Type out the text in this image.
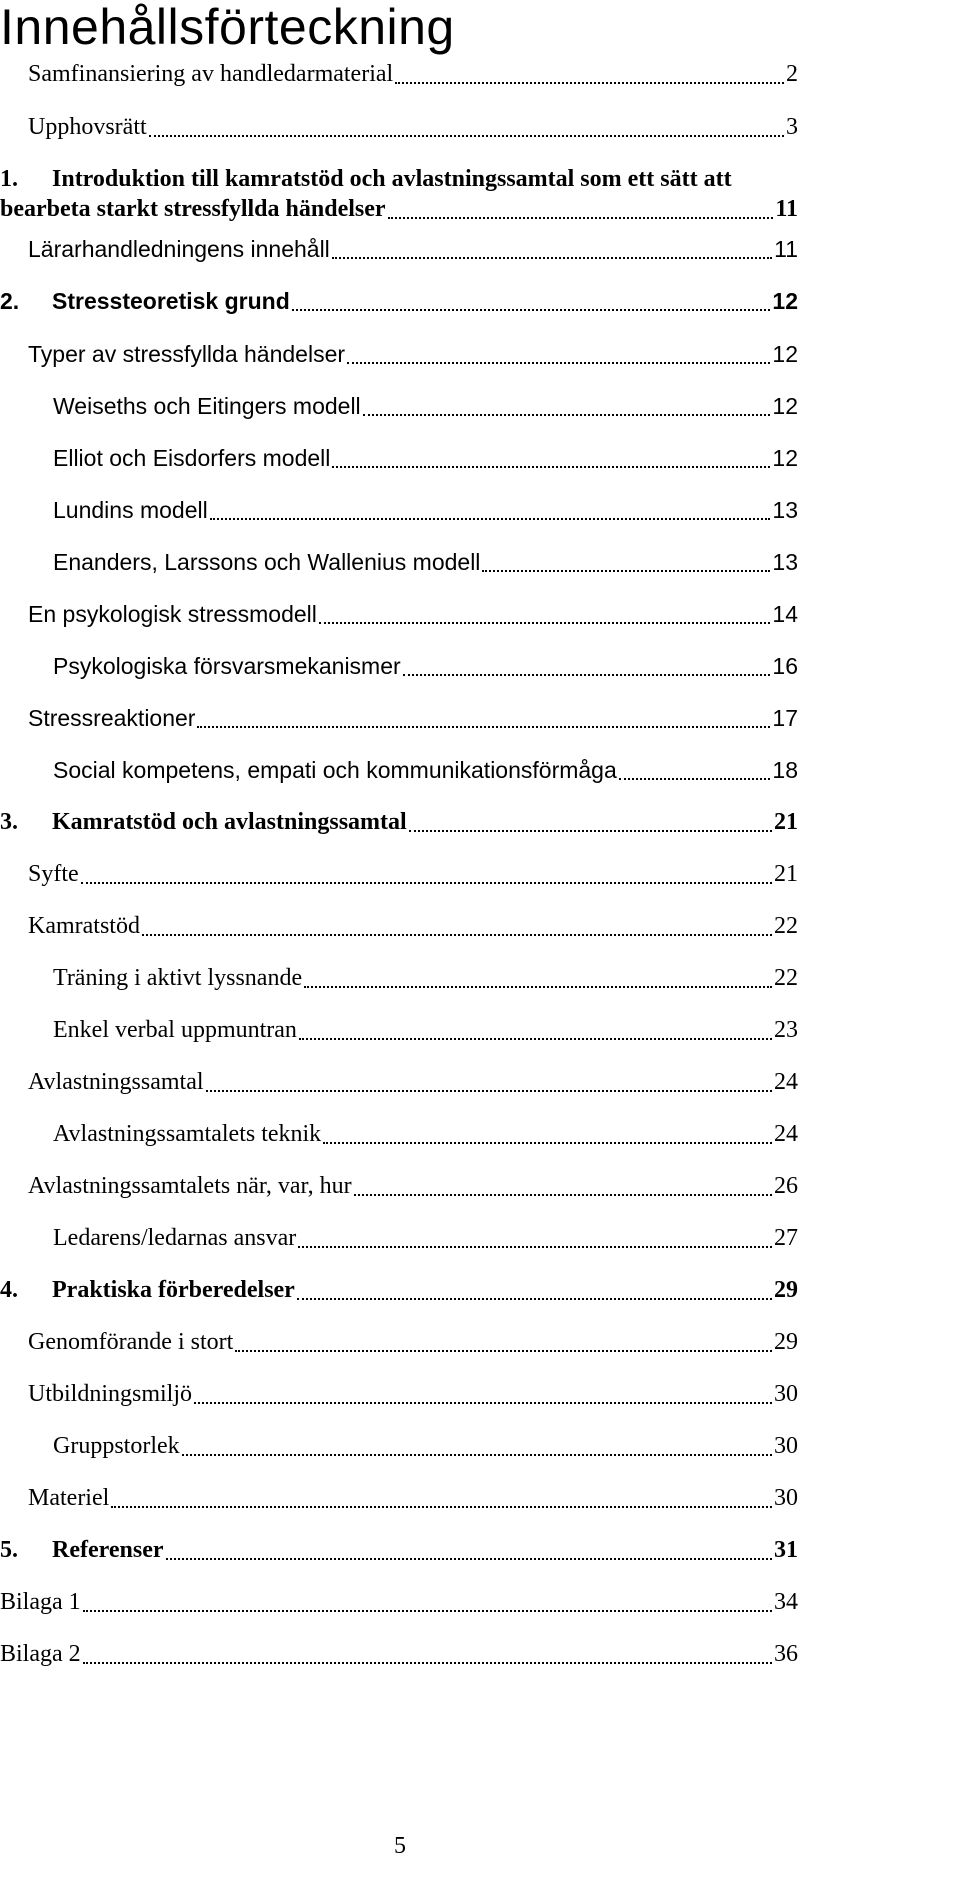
Innehållsförteckning
Samfinansiering av handledarmaterial	2
Upphovsrätt	3
1. Introduktion till kamratstöd och avlastningssamtal som ett sätt att
bearbeta starkt stressfyllda händelser	11
Lärarhandledningens innehåll	11
2.	Stressteoretisk grund	12
Typer av stressfyllda händelser	12
Weiseths och Eitingers modell	12
Elliot och Eisdorfers modell	12
Lundins modell	13
Enanders, Larssons och Wallenius modell	13
En psykologisk stressmodell	14
Psykologiska försvarsmekanismer	16
Stressreaktioner	17
Social kompetens, empati och kommunikationsförmåga	18
3.	Kamratstöd och avlastningssamtal	21
Syfte	21
Kamratstöd	22
Träning i aktivt lyssnande	22
Enkel verbal uppmuntran	23
Avlastningssamtal	24
Avlastningssamtalets teknik	24
Avlastningssamtalets när, var, hur	26
Ledarens/ledarnas ansvar	27
4.	Praktiska förberedelser	29
Genomförande i stort	29
Utbildningsmiljö	30
Gruppstorlek	30
Materiel	30
5.	Referenser	31
Bilaga 1	34
Bilaga 2	36
5
